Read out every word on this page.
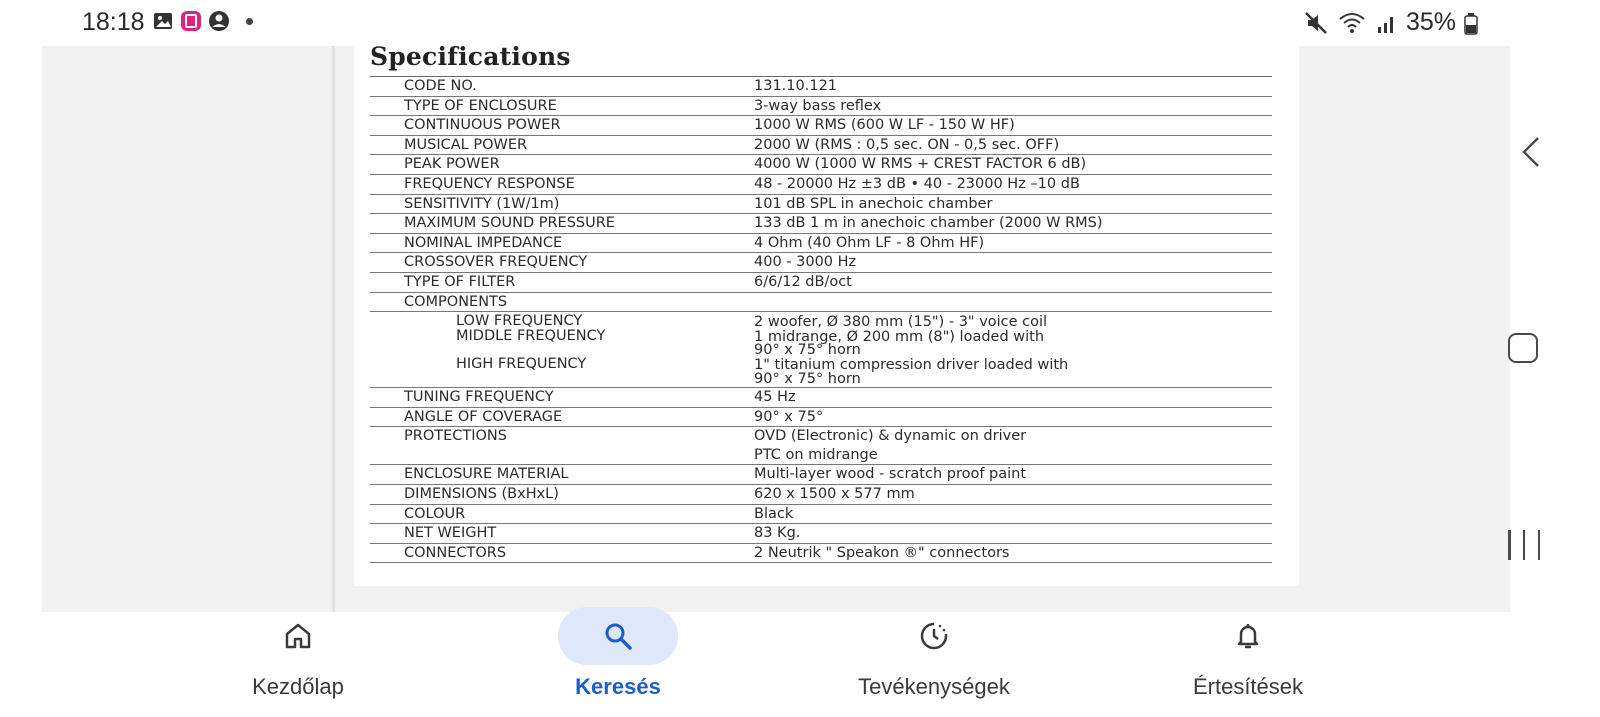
18:18	35%
Specifications
CODE NO.	131.10.121
TYPE OF ENCLOSURE	3-way bass reflex
CONTINUOUS POWER	1000 W RMS (600 W LF - 150 W HF)
MUSICAL POWER	2000 W (RMS : 0,5 sec. ON - 0,5 sec. OFF)
PEAK POWER	4000 W (1000 W RMS + CREST FACTOR 6 dB)
FREQUENCY RESPONSE	48 - 20000 Hz ±3 dB • 40 - 23000 Hz –10 dB
SENSITIVITY (1W/1m)	101 dB SPL in anechoic chamber
MAXIMUM SOUND PRESSURE	133 dB 1 m in anechoic chamber (2000 W RMS)
NOMINAL IMPEDANCE	4 Ohm (40 Ohm LF - 8 Ohm HF)
CROSSOVER FREQUENCY	400 - 3000 Hz
TYPE OF FILTER	6/6/12 dB/oct
COMPONENTS
LOW FREQUENCY	2 woofer, Ø 380 mm (15") - 3" voice coil
MIDDLE FREQUENCY	1 midrange, Ø 200 mm (8") loaded with
90° x 75° horn
HIGH FREQUENCY	1" titanium compression driver loaded with
90° x 75° horn
TUNING FREQUENCY	45 Hz
ANGLE OF COVERAGE	90° x 75°
PROTECTIONS	OVD (Electronic) & dynamic on driver
PTC on midrange
ENCLOSURE MATERIAL	Multi-layer wood - scratch proof paint
DIMENSIONS (BxHxL)	620 x 1500 x 577 mm
COLOUR	Black
NET WEIGHT	83 Kg.
CONNECTORS	2 Neutrik " Speakon ®" connectors
Kezdőlap	Keresés	Tevékenységek	Értesítések
